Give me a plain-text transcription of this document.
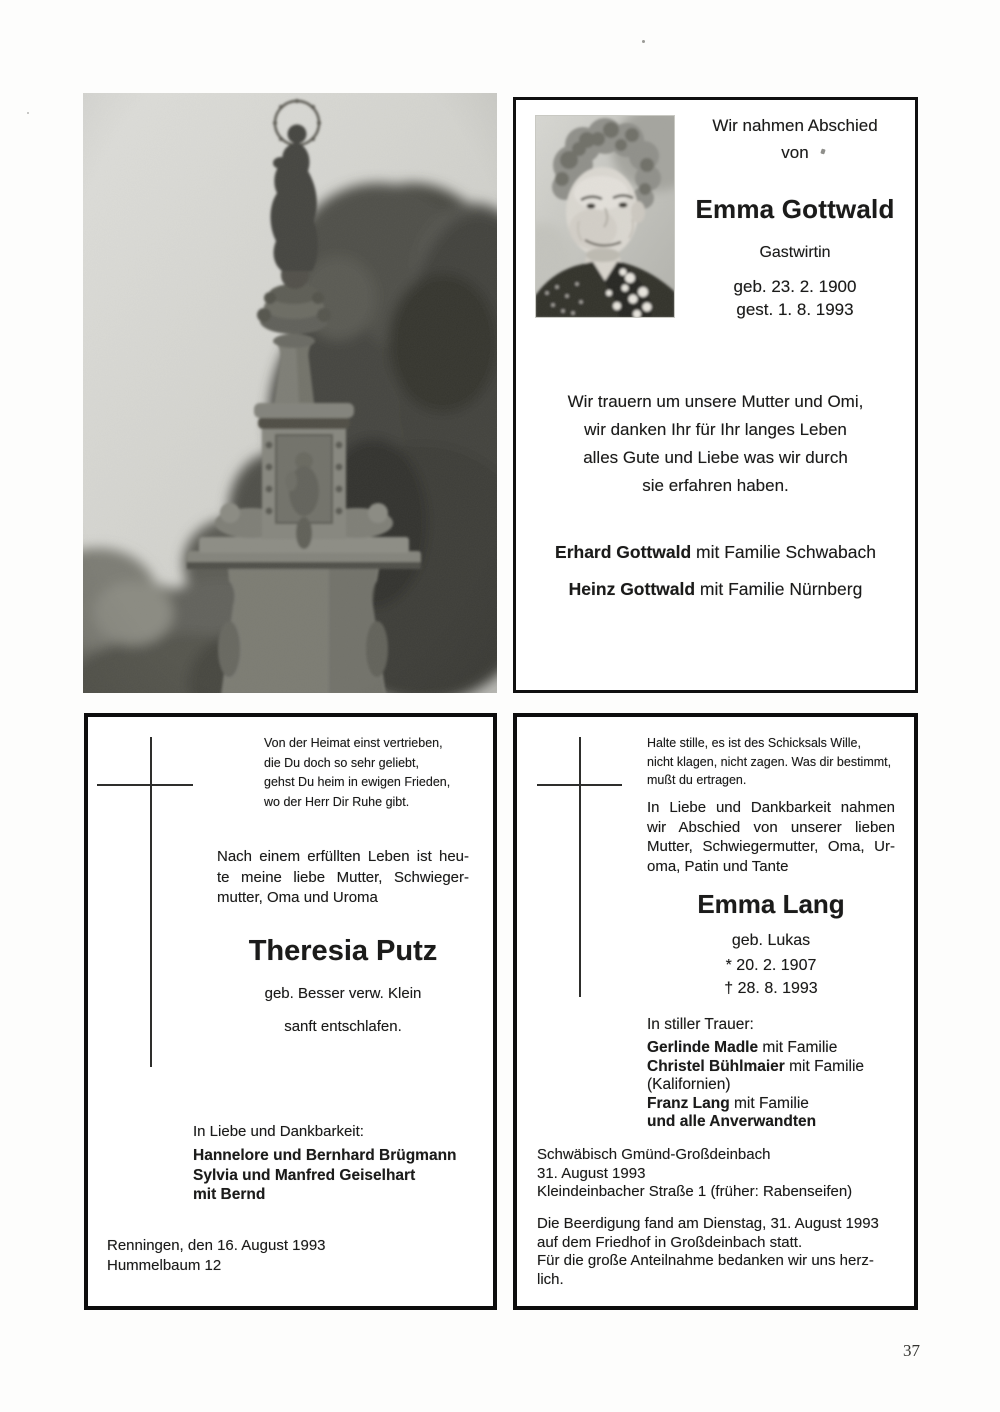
Wir nahmen Abschied
von
Emma Gottwald
Gastwirtin
geb. 23. 2. 1900
gest. 1. 8. 1993
Wir trauern um unsere Mutter und Omi,
wir danken Ihr für Ihr langes Leben
alles Gute und Liebe was wir durch
sie erfahren haben.
Erhard Gottwald mit Familie Schwabach
Heinz Gottwald mit Familie Nürnberg
Von der Heimat einst vertrieben,
die Du doch so sehr geliebt,
gehst Du heim in ewigen Frieden,
wo der Herr Dir Ruhe gibt.
Nach einem erfüllten Leben ist heu-
te meine liebe Mutter, Schwieger-
mutter, Oma und Uroma
Theresia Putz
geb. Besser verw. Klein
sanft entschlafen.
In Liebe und Dankbarkeit:
Hannelore und Bernhard Brügmann
Sylvia und Manfred Geiselhart
mit Bernd
Renningen, den 16. August 1993
Hummelbaum 12
Halte stille, es ist des Schicksals Wille,
nicht klagen, nicht zagen. Was dir bestimmt,
mußt du ertragen.
In Liebe und Dankbarkeit nahmen
wir Abschied von unserer lieben
Mutter, Schwiegermutter, Oma, Ur-
oma, Patin und Tante
Emma Lang
geb. Lukas
* 20. 2. 1907
† 28. 8. 1993
In stiller Trauer:
Gerlinde Madle mit Familie
Christel Bühlmaier mit Familie
(Kalifornien)
Franz Lang mit Familie
und alle Anverwandten
Schwäbisch Gmünd-Großdeinbach
31. August 1993
Kleindeinbacher Straße 1 (früher: Rabenseifen)
Die Beerdigung fand am Dienstag, 31. August 1993
auf dem Friedhof in Großdeinbach statt.
Für die große Anteilnahme bedanken wir uns herz-
lich.
37
